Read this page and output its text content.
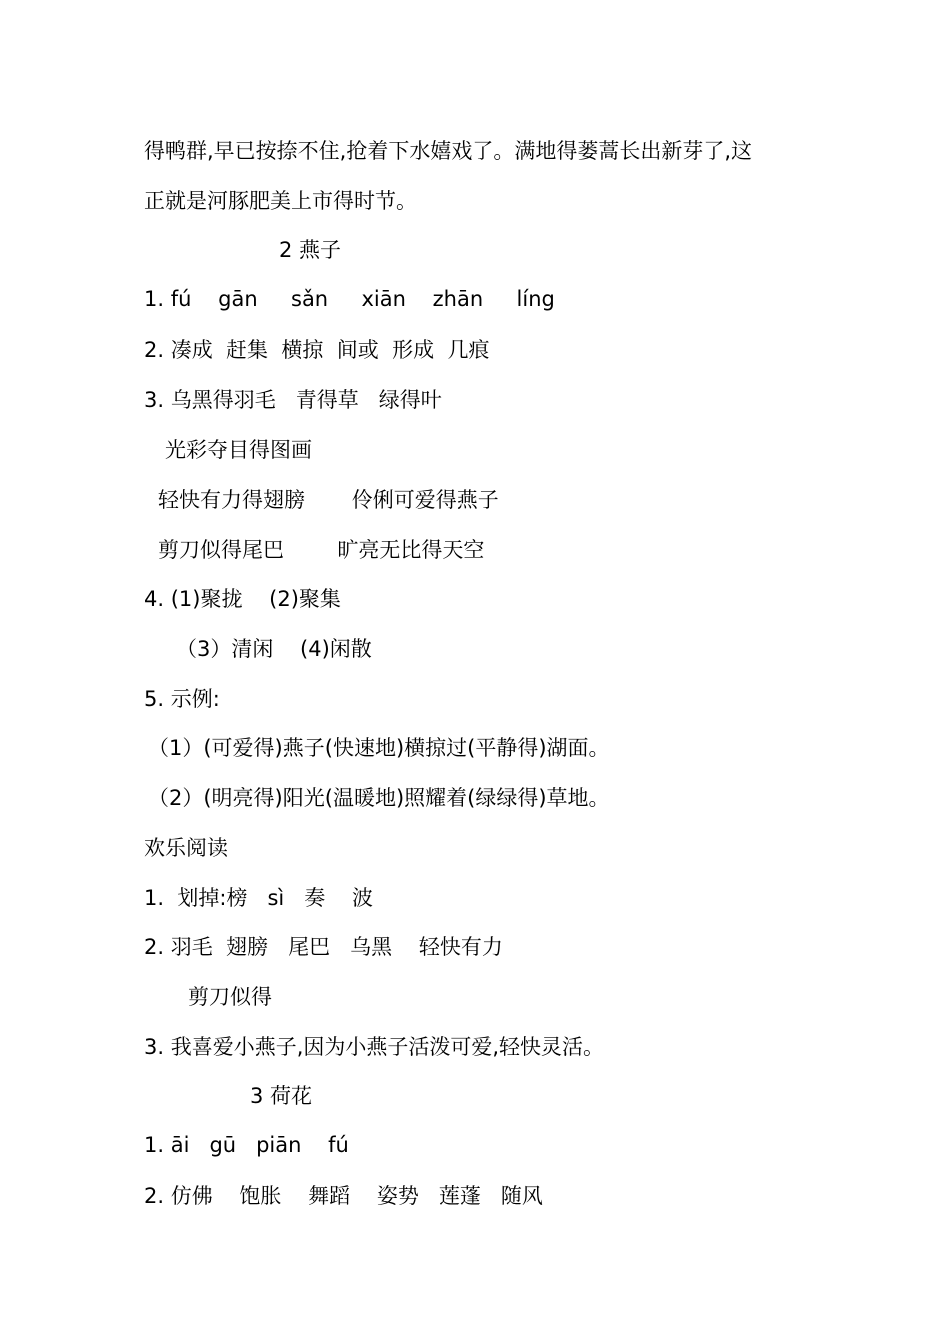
得鸭群,早已按捺不住,抢着下水嬉戏了。满地得蒌蒿长出新芽了,这
正就是河豚肥美上市得时节。
2 燕子
1. fú    gān     sǎn     xiān    zhān     líng
2. 凑成  赶集  横掠  间或  形成  几痕
3. 乌黑得羽毛   青得草   绿得叶
光彩夺目得图画
轻快有力得翅膀       伶俐可爱得燕子
剪刀似得尾巴        旷亮无比得天空
4. (1)聚拢    (2)聚集
（3）清闲    (4)闲散
5. 示例:
（1）(可爱得)燕子(快速地)横掠过(平静得)湖面。
（2）(明亮得)阳光(温暖地)照耀着(绿绿得)草地。
欢乐阅读
1.  划掉:榜   sì   奏    波
2. 羽毛  翅膀   尾巴   乌黑    轻快有力
剪刀似得
3. 我喜爱小燕子,因为小燕子活泼可爱,轻快灵活。
3 荷花
1. āi   gū   piān    fú
2. 仿佛    饱胀    舞蹈    姿势   莲蓬   随风
